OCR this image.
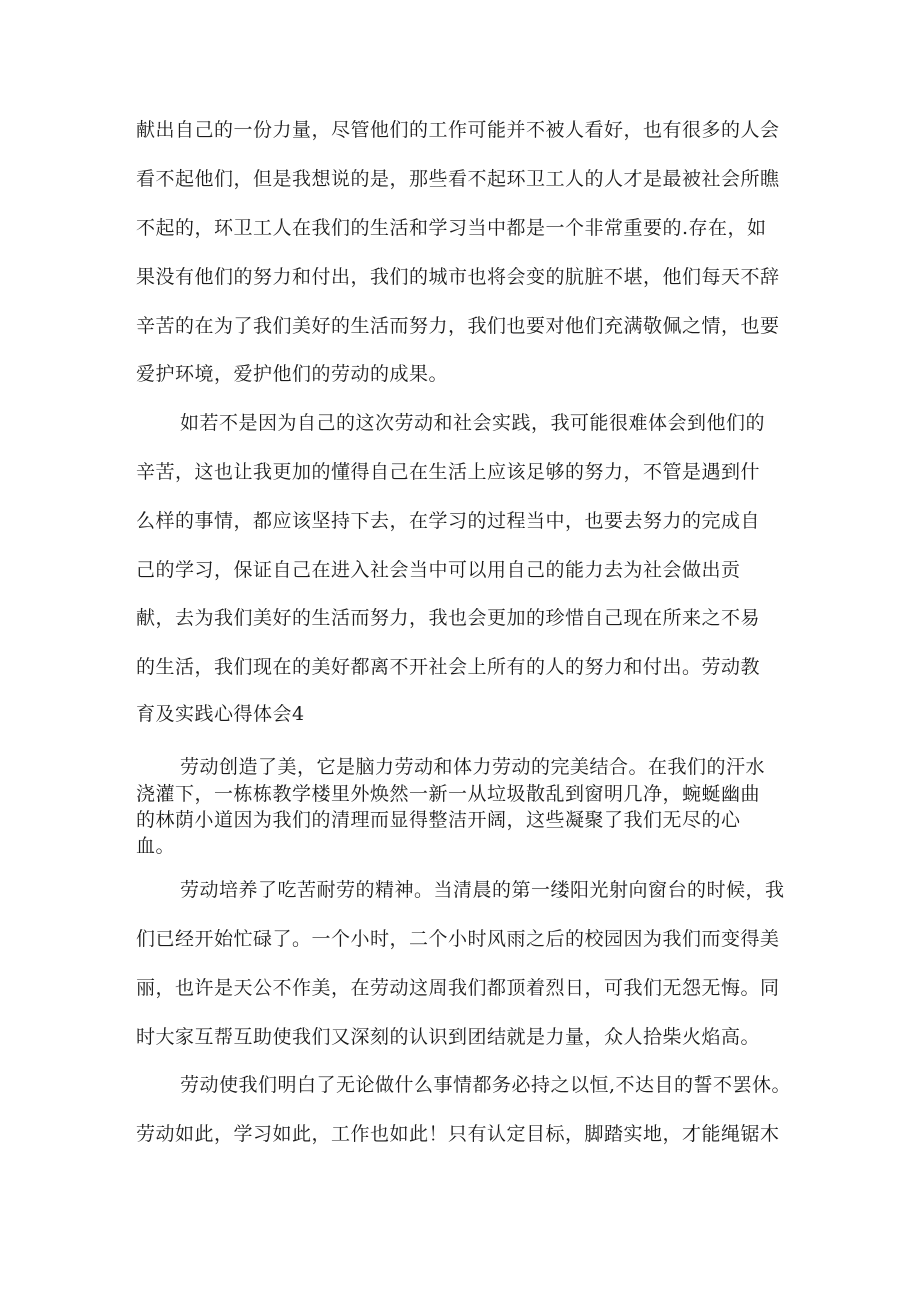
献出自己的一份力量，尽管他们的工作可能并不被人看好，也有很多的人会
看不起他们，但是我想说的是，那些看不起环卫工人的人才是最被社会所瞧
不起的，环卫工人在我们的生活和学习当中都是一个非常重要的.存在，如
果没有他们的努力和付出，我们的城市也将会变的肮脏不堪，他们每天不辞
辛苦的在为了我们美好的生活而努力，我们也要对他们充满敬佩之情，也要
爱护环境，爱护他们的劳动的成果。
如若不是因为自己的这次劳动和社会实践，我可能很难体会到他们的
辛苦，这也让我更加的懂得自己在生活上应该足够的努力，不管是遇到什
么样的事情，都应该坚持下去，在学习的过程当中，也要去努力的完成自
己的学习，保证自己在进入社会当中可以用自己的能力去为社会做出贡
献，去为我们美好的生活而努力，我也会更加的珍惜自己现在所来之不易
的生活，我们现在的美好都离不开社会上所有的人的努力和付出。劳动教
育及实践心得体会4
劳动创造了美，它是脑力劳动和体力劳动的完美结合。在我们的汗水
浇灌下，一栋栋教学楼里外焕然一新一从垃圾散乱到窗明几净，蜿蜒幽曲
的林荫小道因为我们的清理而显得整洁开阔，这些凝聚了我们无尽的心
血。
劳动培养了吃苦耐劳的精神。当清晨的第一缕阳光射向窗台的时候，我
们已经开始忙碌了。一个小时，二个小时风雨之后的校园因为我们而变得美
丽，也许是天公不作美，在劳动这周我们都顶着烈日，可我们无怨无悔。同
时大家互帮互助使我们又深刻的认识到团结就是力量，众人拾柴火焰高。
劳动使我们明白了无论做什么事情都务必持之以恒,不达目的誓不罢休。
劳动如此，学习如此，工作也如此！只有认定目标，脚踏实地，才能绳锯木
